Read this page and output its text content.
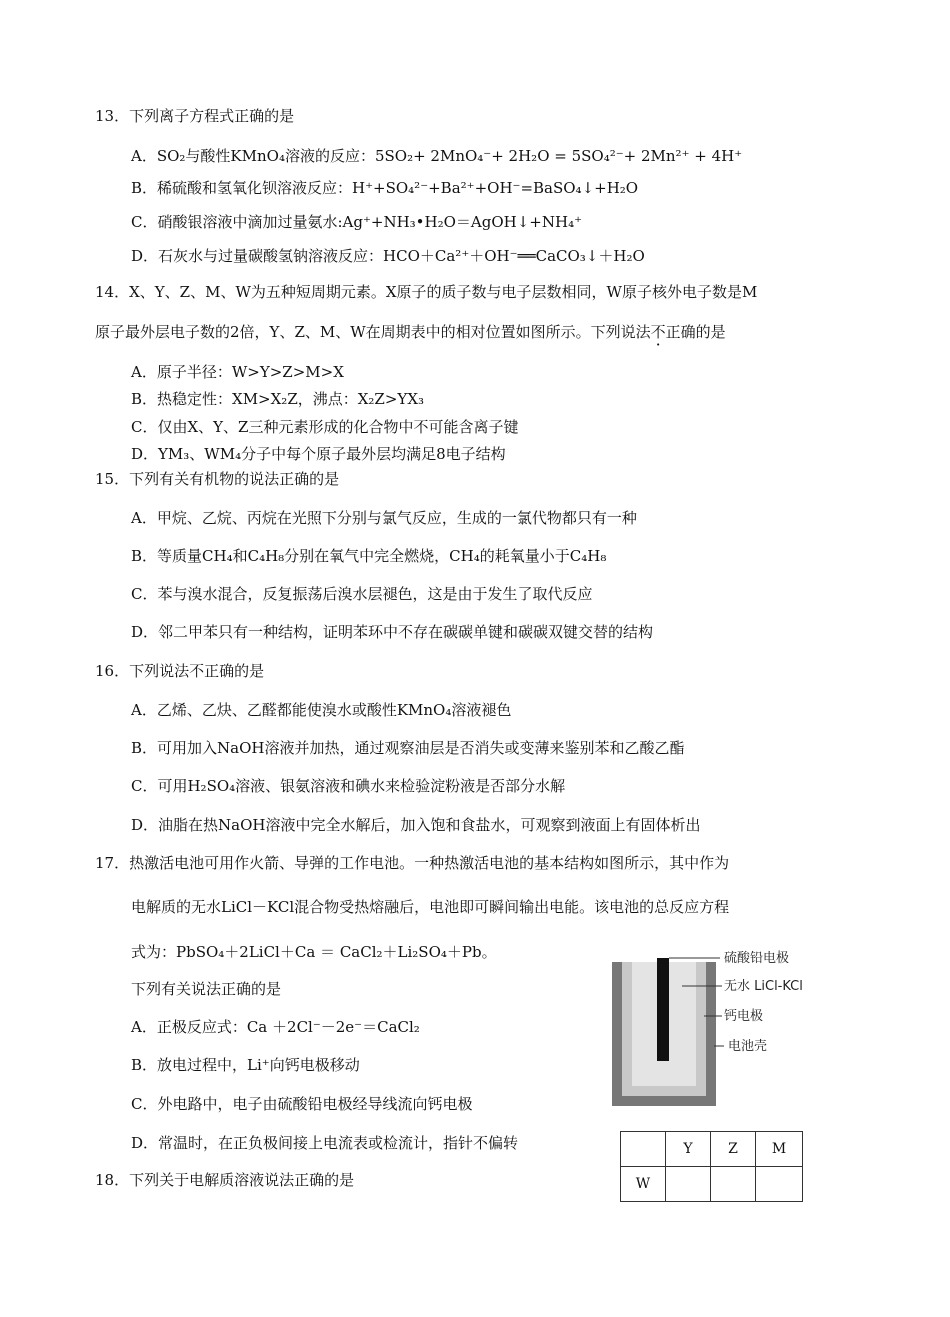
13．下列离子方程式正确的是
A．SO₂与酸性KMnO₄溶液的反应：5SO₂+ 2MnO₄⁻+ 2H₂O = 5SO₄²⁻+ 2Mn²⁺ + 4H⁺
B．稀硫酸和氢氧化钡溶液反应：H⁺+SO₄²⁻+Ba²⁺+OH⁻=BaSO₄↓+H₂O
C．硝酸银溶液中滴加过量氨水:Ag⁺+NH₃•H₂O＝AgOH↓+NH₄⁺
D．石灰水与过量碳酸氢钠溶液反应：HCO＋Ca²⁺＋OH⁻══CaCO₃↓＋H₂O
14．X、Y、Z、M、W为五种短周期元素。X原子的质子数与电子层数相同，W原子核外电子数是M
原子最外层电子数的2倍，Y、Z、M、W在周期表中的相对位置如图所示。下列说法不正确的是
A．原子半径：W>Y>Z>M>X
B．热稳定性：XM>X₂Z，沸点：X₂Z>YX₃
C．仅由X、Y、Z三种元素形成的化合物中不可能含离子键
D．YM₃、WM₄分子中每个原子最外层均满足8电子结构
15．下列有关有机物的说法正确的是
A．甲烷、乙烷、丙烷在光照下分别与氯气反应，生成的一氯代物都只有一种
B．等质量CH₄和C₄H₈分别在氧气中完全燃烧，CH₄的耗氧量小于C₄H₈
C．苯与溴水混合，反复振荡后溴水层褪色，这是由于发生了取代反应
D．邻二甲苯只有一种结构，证明苯环中不存在碳碳单键和碳碳双键交替的结构
16．下列说法不正确的是
A．乙烯、乙炔、乙醛都能使溴水或酸性KMnO₄溶液褪色
B．可用加入NaOH溶液并加热，通过观察油层是否消失或变薄来鉴别苯和乙酸乙酯
C．可用H₂SO₄溶液、银氨溶液和碘水来检验淀粉液是否部分水解
D．油脂在热NaOH溶液中完全水解后，加入饱和食盐水，可观察到液面上有固体析出
17．热激活电池可用作火箭、导弹的工作电池。一种热激活电池的基本结构如图所示，其中作为
电解质的无水LiCl－KCl混合物受热熔融后，电池即可瞬间输出电能。该电池的总反应方程
式为：PbSO₄＋2LiCl＋Ca ＝ CaCl₂＋Li₂SO₄＋Pb。
下列有关说法正确的是
A．正极反应式：Ca ＋2Cl⁻－2e⁻＝CaCl₂
B．放电过程中，Li⁺向钙电极移动
C．外电路中，电子由硫酸铅电极经导线流向钙电极
D．常温时，在正负极间接上电流表或检流计，指针不偏转
18．下列关于电解质溶液说法正确的是
硫酸铅电极
无水 LiCl-KCl
钙电极
电池壳
	Y	Z	M
W			
